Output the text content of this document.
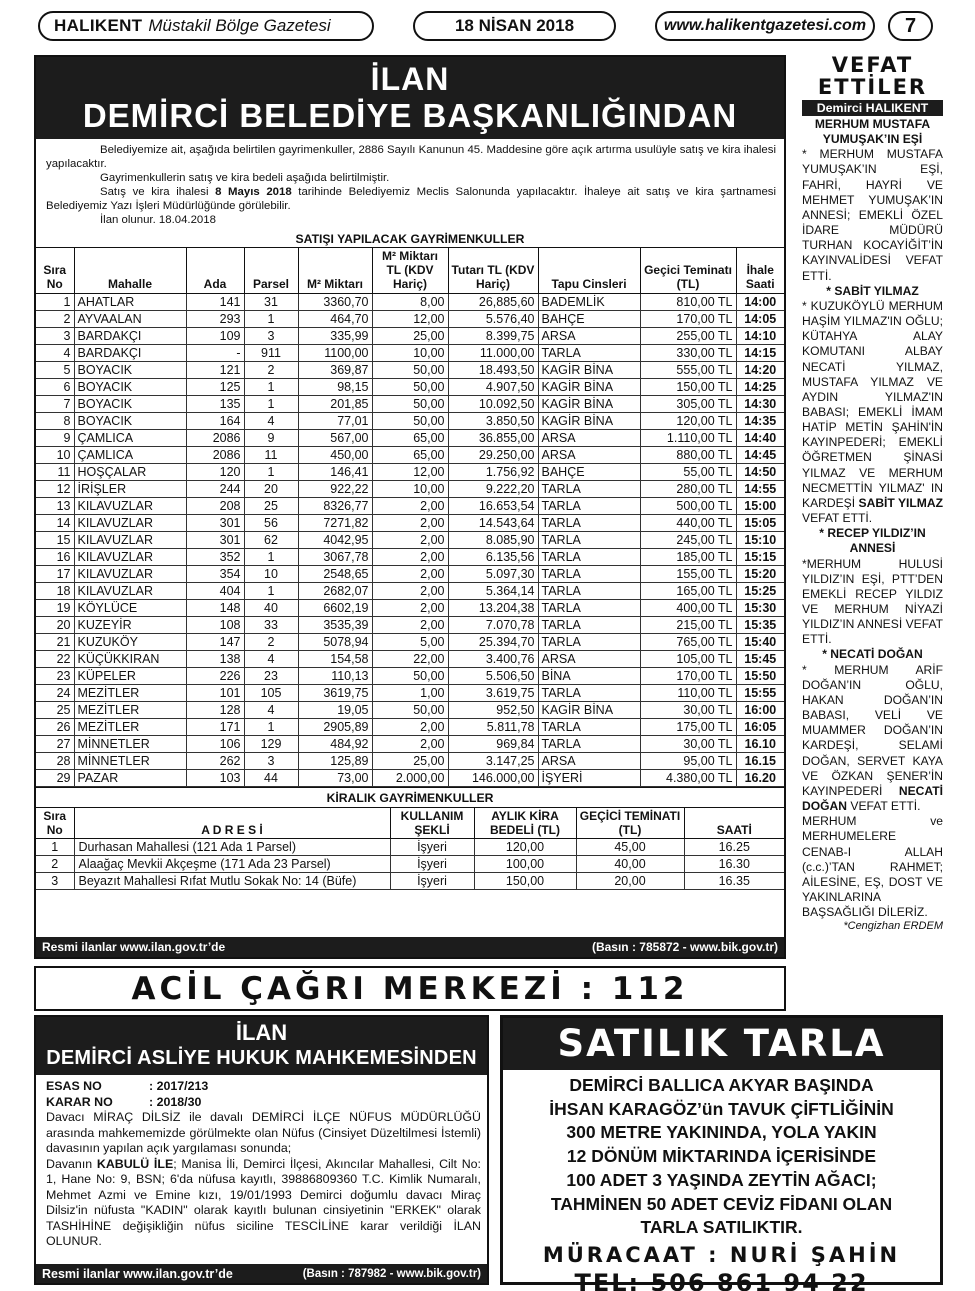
HALIKENT Müstakil Bölge Gazetesi	18 NİSAN 2018	www.halikentgazetesi.com	7
İLAN
DEMİRCİ BELEDİYE BAŞKANLIĞINDAN
Belediyemize ait, aşağıda belirtilen gayrimenkuller, 2886 Sayılı Kanunun 45. Maddesine göre açık artırma usulüyle satış ve kira ihalesi yapılacaktır.
Gayrimenkullerin satış ve kira bedeli aşağıda belirtilmiştir.
Satış ve kira ihalesi 8 Mayıs 2018 tarihinde Belediyemiz Meclis Salonunda yapılacaktır. İhaleye ait satış ve kira şartnamesi Belediyemiz Yazı İşleri Müdürlüğünde görülebilir.
İlan olunur. 18.04.2018
SATIŞI YAPILACAK GAYRİMENKULLER
Sıra No	Mahalle	Ada	Parsel	M² Miktarı	M² Miktarı TL (KDV Hariç)	Tutarı TL (KDV Hariç)	Tapu Cinsleri	Geçici Teminatı (TL)	İhale Saati
1	AHATLAR	141	31	3360,70	8,00	26,885,60	BADEMLİK	810,00 TL	14:00
2	AYVAALAN	293	1	464,70	12,00	5.576,40	BAHÇE	170,00 TL	14:05
3	BARDAKÇI	109	3	335,99	25,00	8.399,75	ARSA	255,00 TL	14:10
4	BARDAKÇI	-	911	1100,00	10,00	11.000,00	TARLA	330,00 TL	14:15
5	BOYACIK	121	2	369,87	50,00	18.493,50	KAGİR BİNA	555,00 TL	14:20
6	BOYACIK	125	1	98,15	50,00	4.907,50	KAGİR BİNA	150,00 TL	14:25
7	BOYACIK	135	1	201,85	50,00	10.092,50	KAGİR BİNA	305,00 TL	14:30
8	BOYACIK	164	4	77,01	50,00	3.850,50	KAGİR BİNA	120,00 TL	14:35
9	ÇAMLICA	2086	9	567,00	65,00	36.855,00	ARSA	1.110,00 TL	14:40
10	ÇAMLICA	2086	11	450,00	65,00	29.250,00	ARSA	880,00 TL	14:45
11	HOŞÇALAR	120	1	146,41	12,00	1.756,92	BAHÇE	55,00 TL	14:50
12	İRİŞLER	244	20	922,22	10,00	9.222,20	TARLA	280,00 TL	14:55
13	KILAVUZLAR	208	25	8326,77	2,00	16.653,54	TARLA	500,00 TL	15:00
14	KILAVUZLAR	301	56	7271,82	2,00	14.543,64	TARLA	440,00 TL	15:05
15	KILAVUZLAR	301	62	4042,95	2,00	8.085,90	TARLA	245,00 TL	15:10
16	KILAVUZLAR	352	1	3067,78	2,00	6.135,56	TARLA	185,00 TL	15:15
17	KILAVUZLAR	354	10	2548,65	2,00	5.097,30	TARLA	155,00 TL	15:20
18	KILAVUZLAR	404	1	2682,07	2,00	5.364,14	TARLA	165,00 TL	15:25
19	KÖYLÜCE	148	40	6602,19	2,00	13.204,38	TARLA	400,00 TL	15:30
20	KUZEYİR	108	33	3535,39	2,00	7.070,78	TARLA	215,00 TL	15:35
21	KUZUKÖY	147	2	5078,94	5,00	25.394,70	TARLA	765,00 TL	15:40
22	KÜÇÜKKIRAN	138	4	154,58	22,00	3.400,76	ARSA	105,00 TL	15:45
23	KÜPELER	226	23	110,13	50,00	5.506,50	BİNA	170,00 TL	15:50
24	MEZİTLER	101	105	3619,75	1,00	3.619,75	TARLA	110,00 TL	15:55
25	MEZİTLER	128	4	19,05	50,00	952,50	KAGİR BİNA	30,00 TL	16:00
26	MEZİTLER	171	1	2905,89	2,00	5.811,78	TARLA	175,00 TL	16:05
27	MİNNETLER	106	129	484,92	2,00	969,84	TARLA	30,00 TL	16.10
28	MİNNETLER	262	3	125,89	25,00	3.147,25	ARSA	95,00 TL	16.15
29	PAZAR	103	44	73,00	2.000,00	146.000,00	İŞYERİ	4.380,00 TL	16.20
KİRALIK GAYRİMENKULLER
Sıra No	A D R E S İ	KULLANIM ŞEKLİ	AYLIK KİRA BEDELİ (TL)	GEÇİCİ TEMİNATI (TL)	SAATİ
1	Durhasan Mahallesi (121 Ada 1 Parsel)	İşyeri	120,00	45,00	16.25
2	Alaağaç Mevkii Akçeşme (171 Ada 23 Parsel)	İşyeri	100,00	40,00	16.30
3	Beyazıt Mahallesi Rıfat Mutlu Sokak No: 14 (Büfe)	İşyeri	150,00	20,00	16.35
Resmi ilanlar www.ilan.gov.tr’de	(Basın : 785872 - www.bik.gov.tr)
ACİL ÇAĞRI MERKEZİ : 112
VEFAT
ETTİLER
Demirci HALIKENT
MERHUM MUSTAFA YUMUŞAK’IN EŞİ
* MERHUM MUSTAFA YUMUŞAK’IN EŞİ, FAHRİ, HAYRİ VE MEHMET YUMUŞAK’IN ANNESİ; EMEKLİ ÖZEL İDARE MÜDÜRÜ TURHAN KOCAYİĞİT’İN KAYINVALİDESİ VEFAT ETTİ.
* SABİT YILMAZ
* KUZUKÖYLÜ MERHUM HAŞİM YILMAZ'IN OĞLU; KÜTAHYA ALAY KOMUTANI ALBAY NECATİ YILMAZ, MUSTAFA YILMAZ VE AYDIN YILMAZ'IN BABASI; EMEKLİ İMAM HATİP METİN ŞAHİN'İN KAYINPEDERİ; EMEKLİ ÖĞRETMEN ŞİNASİ YILMAZ VE MERHUM NECMETTİN YILMAZ' IN KARDEŞİ SABİT YILMAZ VEFAT ETTİ.
* RECEP YILDIZ’IN ANNESİ
*MERHUM HULUSİ YILDIZ’IN EŞİ, PTT’DEN EMEKLİ RECEP YILDIZ VE MERHUM NİYAZİ YILDIZ’IN ANNESİ VEFAT ETTİ.
* NECATİ DOĞAN
* MERHUM ARİF DOĞAN’IN OĞLU, HAKAN DOĞAN’IN BABASI, VELİ VE MUAMMER DOĞAN’IN KARDEŞİ, SELAMİ DOĞAN, SERVET KAYA VE ÖZKAN ŞENER’İN KAYINPEDERİ NECATİ DOĞAN VEFAT ETTİ.
MERHUM ve MERHUMELERE CENAB-I ALLAH (c.c.)’TAN RAHMET; AİLESİNE, EŞ, DOST VE YAKINLARINA BAŞSAĞLIĞI DİLERİZ.
*Cengizhan ERDEM
İLAN
DEMİRCİ ASLİYE HUKUK MAHKEMESİNDEN
ESAS NO	: 2017/213
KARAR NO	: 2018/30
Davacı MİRAÇ DİLSİZ ile davalı DEMİRCİ İLÇE NÜFUS MÜDÜRLÜĞÜ arasında mahkememizde görülmekte olan Nüfus (Cinsiyet Düzeltilmesi İstemli) davasının yapılan açık yargılaması sonunda;
Davanın KABULÜ İLE; Manisa İli, Demirci İlçesi, Akıncılar Mahallesi, Cilt No: 1, Hane No: 9, BSN; 6'da nüfusa kayıtlı, 39886809360 T.C. Kimlik Numaralı, Mehmet Azmi ve Emine kızı, 19/01/1993 Demirci doğumlu davacı Miraç Dilsiz'in nüfusta "KADIN" olarak kayıtlı bulunan cinsiyetinin "ERKEK" olarak TASHİHİNE değişikliğin nüfus siciline TESCİLİNE karar verildiği İLAN OLUNUR.
Resmi ilanlar www.ilan.gov.tr’de	(Basın : 787982 - www.bik.gov.tr)
SATILIK TARLA
DEMİRCİ BALLICA AKYAR BAŞINDA
İHSAN KARAGÖZ’ün TAVUK ÇİFTLİĞİNİN
300 METRE YAKININDA, YOLA YAKIN
12 DÖNÜM MİKTARINDA İÇERİSİNDE
100 ADET 3 YAŞINDA ZEYTİN AĞACI;
TAHMİNEN 50 ADET CEVİZ FİDANI OLAN
TARLA SATILIKTIR.
MÜRACAAT : NURİ ŞAHİN
TEL: 506 861 94 22
